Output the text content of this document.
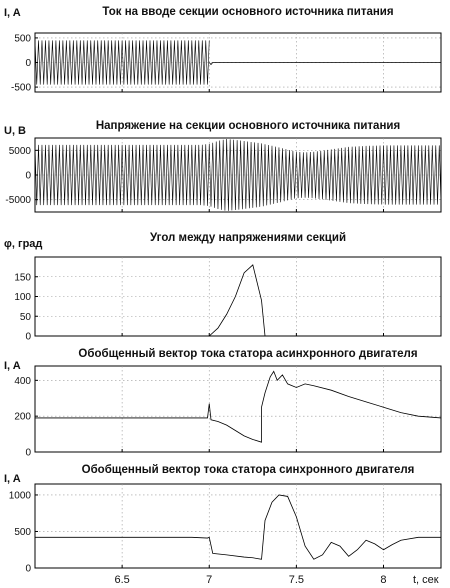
Ток на вводе секции основного источника питания
I, A
-500
0
500
Напряжение на секции основного источника питания
U, B
-5000
0
5000
Угол между напряжениями секций
φ, град
0
50
100
150
Обобщенный вектор тока статора асинхронного двигателя
I, A
0
200
400
Обобщенный вектор тока статора синхронного двигателя
I, A
0
500
1000
6.5	7	7.5	8 t, сек
